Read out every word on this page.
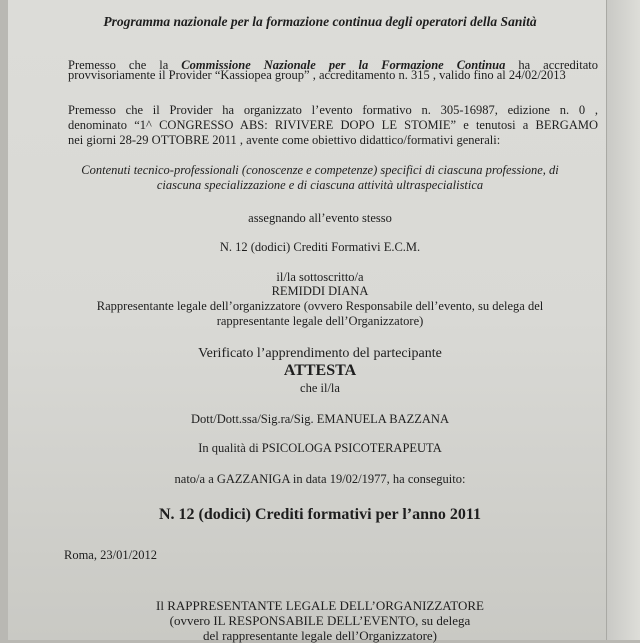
Programma nazionale per la formazione continua degli operatori della Sanità
Premesso che la Commissione Nazionale per la Formazione Continua ha accreditato
provvisoriamente il Provider “Kassiopea group” , accreditamento n. 315 , valido fino al 24/02/2013
Premesso che il Provider ha organizzato l’evento formativo n. 305-16987, edizione n. 0 ,
denominato “1^ CONGRESSO ABS: RIVIVERE DOPO LE STOMIE” e tenutosi a BERGAMO
nei giorni 28-29 OTTOBRE 2011 , avente come obiettivo didattico/formativi generali:
Contenuti tecnico-professionali (conoscenze e competenze) specifici di ciascuna professione, di
ciascuna specializzazione e di ciascuna attività ultraspecialistica
assegnando all’evento stesso
N. 12 (dodici) Crediti Formativi E.C.M.
il/la sottoscritto/a
REMIDDI DIANA
Rappresentante legale dell’organizzatore (ovvero Responsabile dell’evento, su delega del
rappresentante legale dell’Organizzatore)
Verificato l’apprendimento del partecipante
ATTESTA
che il/la
Dott/Dott.ssa/Sig.ra/Sig. EMANUELA BAZZANA
In qualità di PSICOLOGA PSICOTERAPEUTA
nato/a a GAZZANIGA in data 19/02/1977, ha conseguito:
N. 12 (dodici) Crediti formativi per l’anno 2011
Roma, 23/01/2012
Il RAPPRESENTANTE LEGALE DELL’ORGANIZZATORE
(ovvero IL RESPONSABILE DELL’EVENTO, su delega
del rappresentante legale dell’Organizzatore)
